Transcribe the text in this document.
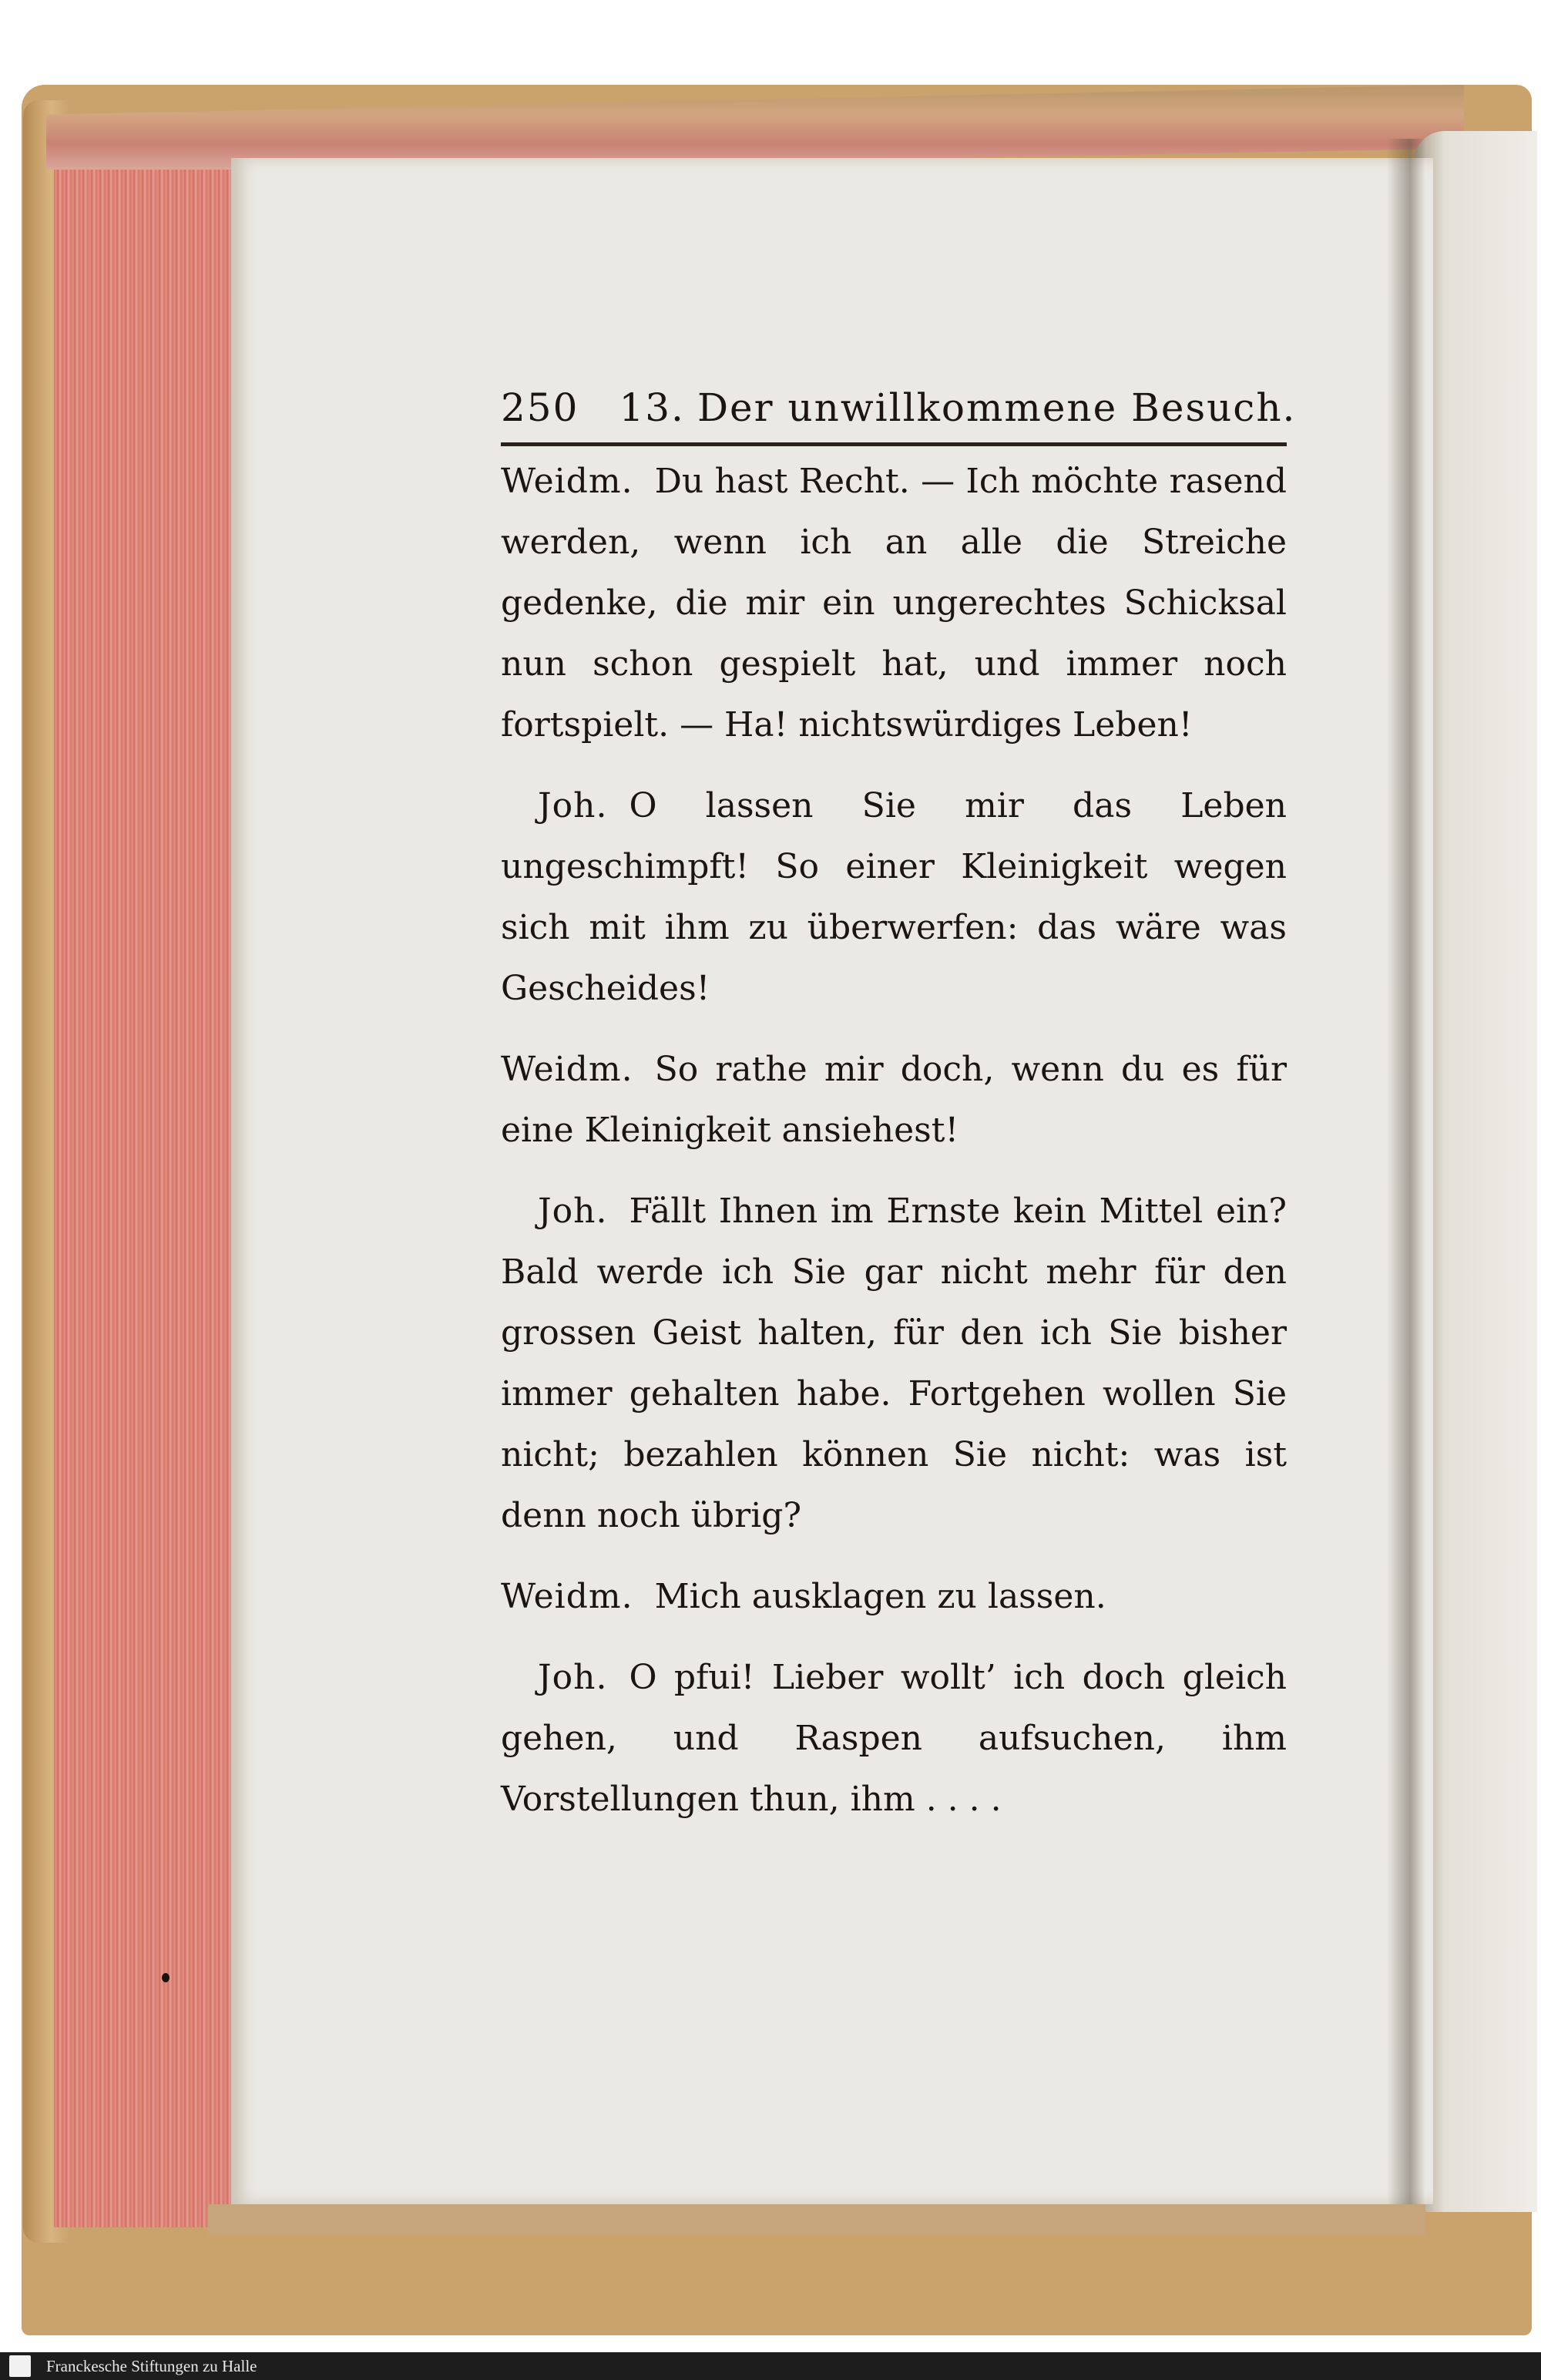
250 13. Der unwillkommene Besuch.

Weidm. Du hast Recht. — Ich möchte rasend werden, wenn ich an alle die Streiche gedenke, die mir ein ungerechtes Schicksal nun schon gespielt hat, und immer noch fortspielt. — Ha! nichtswürdiges Leben!

Joh. O lassen Sie mir das Leben ungeschimpft! So einer Kleinigkeit wegen sich mit ihm zu überwerfen: das wäre was Gescheides!

Weidm. So rathe mir doch, wenn du es für eine Kleinigkeit ansiehest!

Joh. Fällt Ihnen im Ernste kein Mittel ein? Bald werde ich Sie gar nicht mehr für den grossen Geist halten, für den ich Sie bisher immer gehalten habe. Fortgehen wollen Sie nicht; bezahlen können Sie nicht: was ist denn noch übrig?

Weidm. Mich ausklagen zu lassen.

Joh. O pfui! Lieber wollt’ ich doch gleich gehen, und Raspen aufsuchen, ihm Vorstellungen thun, ihm . . . .

Franckesche Stiftungen zu Halle
